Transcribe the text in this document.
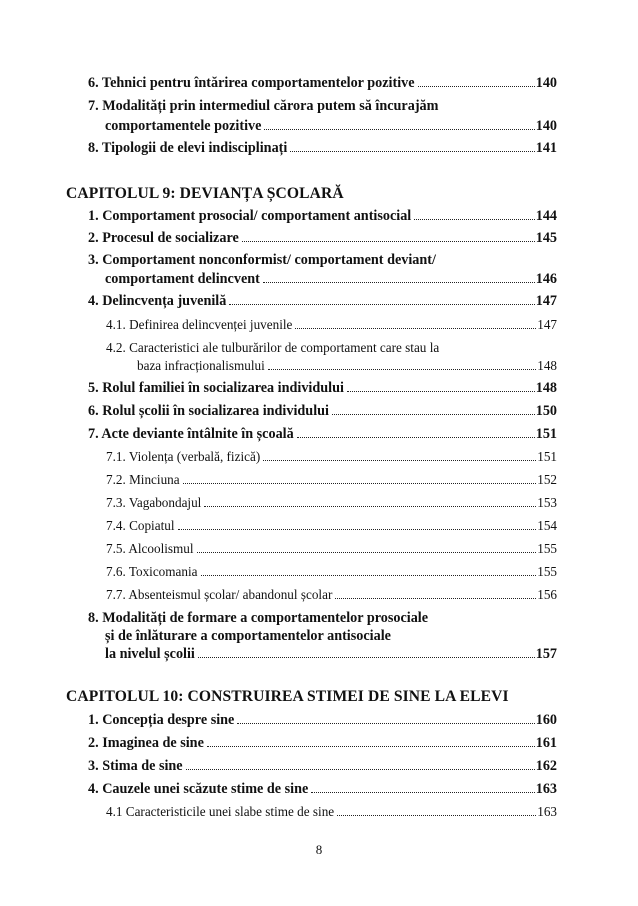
6. Tehnici pentru întărirea comportamentelor pozitive	140
7. Modalități prin intermediul cărora putem să încurajăm
comportamentele pozitive	140
8. Tipologii de elevi indisciplinați	141
CAPITOLUL 9: DEVIANȚA ȘCOLARĂ
1. Comportament prosocial/ comportament antisocial	144
2. Procesul de socializare	145
3. Comportament nonconformist/ comportament deviant/
comportament delincvent	146
4. Delincvența juvenilă	147
4.1. Definirea delincvenței juvenile	147
4.2. Caracteristici ale tulburărilor de comportament care stau la
baza infracționalismului	148
5. Rolul familiei în socializarea individului	148
6. Rolul școlii în socializarea individului	150
7. Acte deviante întâlnite în școală	151
7.1. Violența (verbală, fizică)	151
7.2. Minciuna	152
7.3. Vagabondajul	153
7.4. Copiatul	154
7.5. Alcoolismul	155
7.6. Toxicomania	155
7.7. Absenteismul școlar/ abandonul școlar	156
8. Modalități de formare a comportamentelor prosociale
și de înlăturare a comportamentelor antisociale
la nivelul școlii	157
CAPITOLUL 10: CONSTRUIREA STIMEI DE SINE LA ELEVI
1. Concepția despre sine	160
2. Imaginea de sine	161
3. Stima de sine	162
4. Cauzele unei scăzute stime de sine	163
4.1 Caracteristicile unei slabe stime de sine	163
8
